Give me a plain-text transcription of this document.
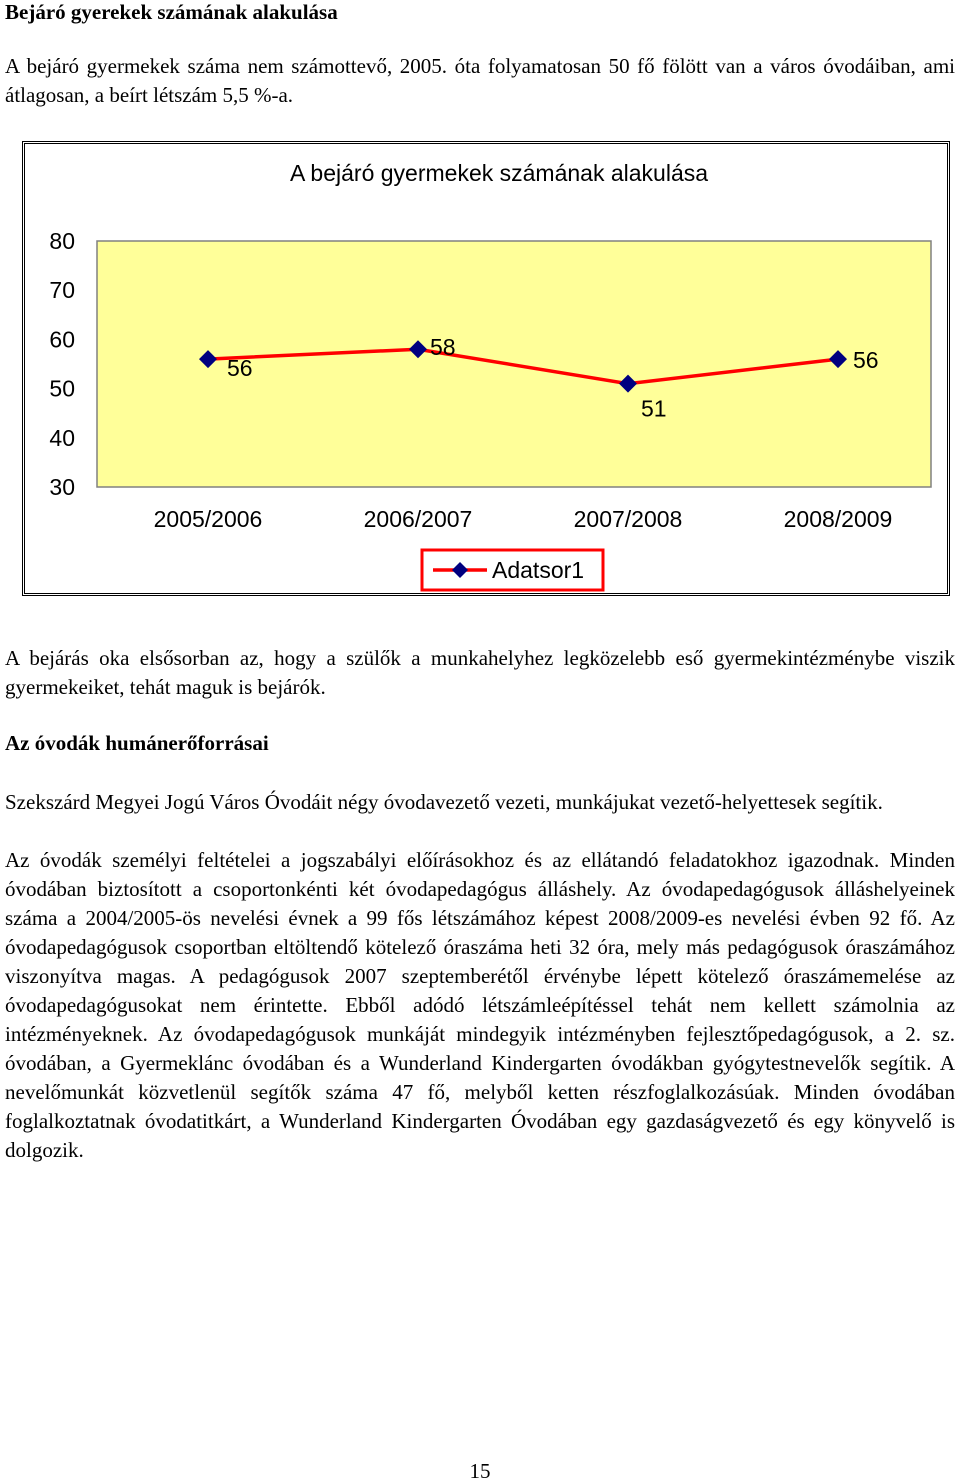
Bejáró gyerekek számának alakulása

A bejáró gyermekek száma nem számottevő, 2005. óta folyamatosan 50 fő fölött van a város óvodáiban, ami átlagosan, a beírt létszám 5,5 %-a.

A bejáró gyermekek számának alakulása
30
40
50
60
70
80
2005/2006	2006/2007	2007/2008	2008/2009
56
58
51
56
Adatsor1

A bejárás oka elsősorban az, hogy a szülők a munkahelyhez legközelebb eső gyermekintézménybe viszik gyermekeiket, tehát maguk is bejárók.

Az óvodák humánerőforrásai

Szekszárd Megyei Jogú Város Óvodáit négy óvodavezető vezeti, munkájukat vezető-helyettesek segítik.

Az óvodák személyi feltételei a jogszabályi előírásokhoz és az ellátandó feladatokhoz igazodnak. Minden óvodában biztosított a csoportonkénti két óvodapedagógus álláshely. Az óvodapedagógusok álláshelyeinek száma a 2004/2005-ös nevelési évnek a 99 fős létszámához képest 2008/2009-es nevelési évben 92 fő. Az óvodapedagógusok csoportban eltöltendő kötelező óraszáma heti 32 óra, mely más pedagógusok óraszámához viszonyítva magas. A pedagógusok 2007 szeptemberétől érvénybe lépett kötelező óraszámemelése az óvodapedagógusokat nem érintette. Ebből adódó létszámleépítéssel tehát nem kellett számolnia az intézményeknek. Az óvodapedagógusok munkáját mindegyik intézményben fejlesztőpedagógusok, a 2. sz. óvodában, a Gyermeklánc óvodában és a Wunderland Kindergarten óvodákban gyógytestnevelők segítik. A nevelőmunkát közvetlenül segítők száma 47 fő, melyből ketten részfoglalkozásúak. Minden óvodában foglalkoztatnak óvodatitkárt, a Wunderland Kindergarten Óvodában egy gazdaságvezető és egy könyvelő is dolgozik.

15
